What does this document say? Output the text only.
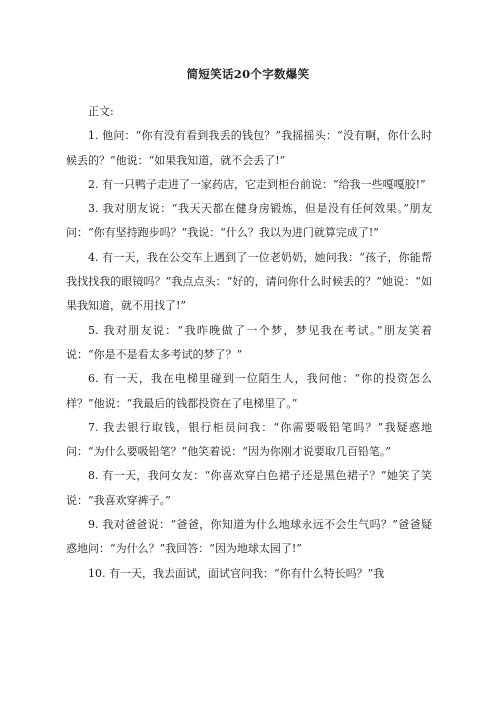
简短笑话20个字数爆笑

正文:

1. 他问：“你有没有看到我丢的钱包？”我摇摇头：“没有啊，你什么时候丢的？”他说：“如果我知道，就不会丢了!”

2. 有一只鸭子走进了一家药店，它走到柜台前说：“给我一些嘎嘎胶!”

3. 我对朋友说：“我天天都在健身房锻炼，但是没有任何效果。”朋友问：“你有坚持跑步吗？”我说：“什么？我以为进门就算完成了!”

4. 有一天，我在公交车上遇到了一位老奶奶，她问我：“孩子，你能帮我找找我的眼镜吗？”我点点头：“好的，请问你什么时候丢的？”她说：“如果我知道，就不用找了!”

5. 我对朋友说：“我昨晚做了一个梦，梦见我在考试。”朋友笑着说：“你是不是看太多考试的梦了？”

6. 有一天，我在电梯里碰到一位陌生人，我问他：“你的投资怎么样？”他说：“我最后的钱都投资在了电梯里了。”

7. 我去银行取钱，银行柜员问我：“你需要吸铅笔吗？”我疑惑地问：“为什么要吸铅笔？”他笑着说：“因为你刚才说要取几百铅笔。”

8. 有一天，我问女友：“你喜欢穿白色裙子还是黑色裙子？”她笑了笑说：“我喜欢穿裤子。”

9. 我对爸爸说：“爸爸，你知道为什么地球永远不会生气吗？”爸爸疑惑地问：“为什么？”我回答：“因为地球太园了!”

10. 有一天，我去面试，面试官问我：“你有什么特长吗？”我
